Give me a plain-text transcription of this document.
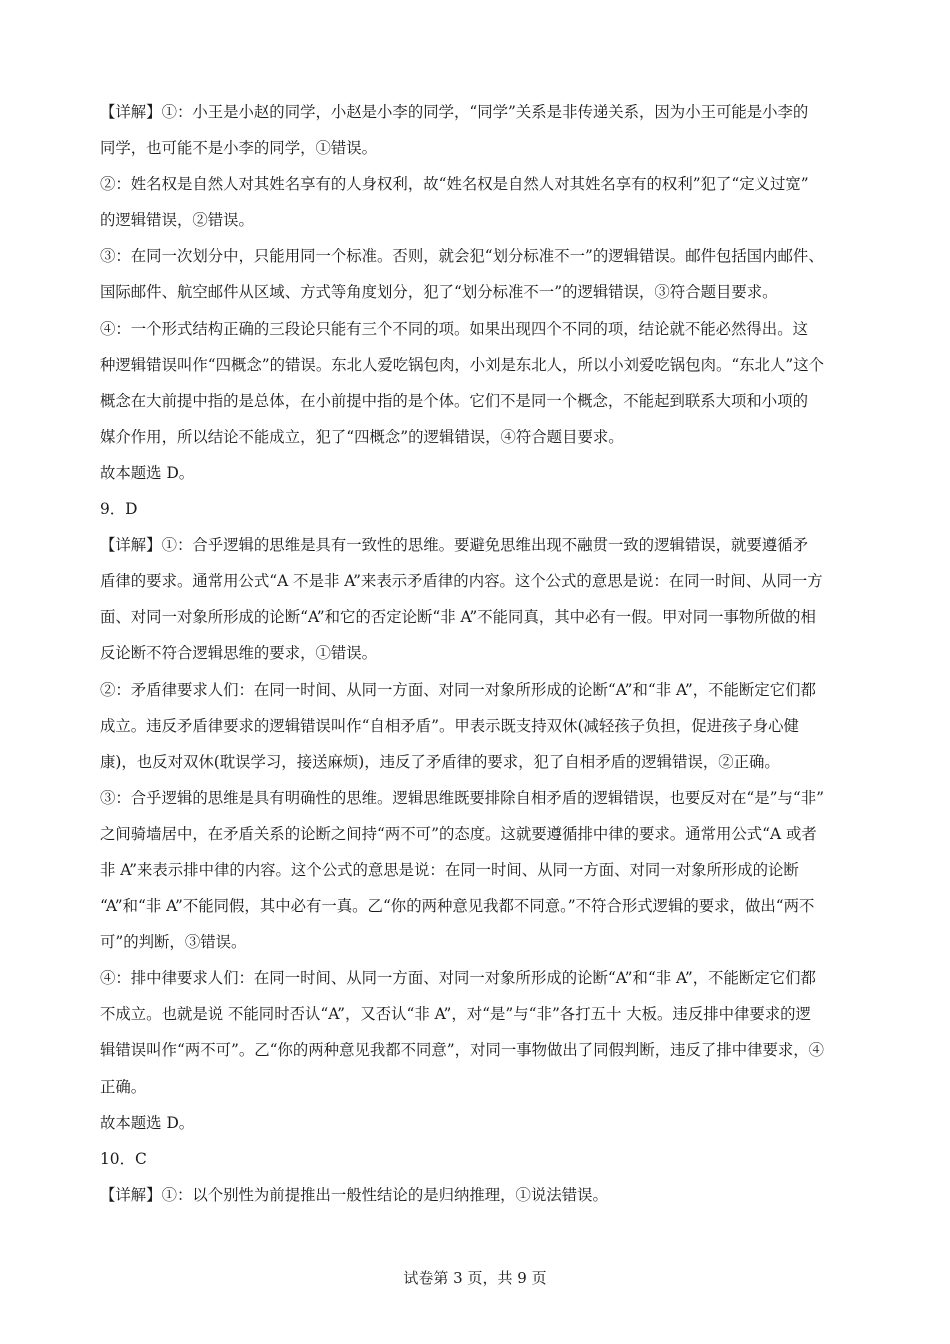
【详解】①：小王是小赵的同学，小赵是小李的同学，“同学”关系是非传递关系，因为小王可能是小李的
同学，也可能不是小李的同学，①错误。
②：姓名权是自然人对其姓名享有的人身权利，故“姓名权是自然人对其姓名享有的权利”犯了“定义过宽”
的逻辑错误，②错误。
③：在同一次划分中，只能用同一个标准。否则，就会犯“划分标准不一”的逻辑错误。邮件包括国内邮件、
国际邮件、航空邮件从区域、方式等角度划分，犯了“划分标准不一”的逻辑错误，③符合题目要求。
④：一个形式结构正确的三段论只能有三个不同的项。如果出现四个不同的项，结论就不能必然得出。这
种逻辑错误叫作“四概念”的错误。东北人爱吃锅包肉，小刘是东北人，所以小刘爱吃锅包肉。“东北人”这个
概念在大前提中指的是总体，在小前提中指的是个体。它们不是同一个概念，不能起到联系大项和小项的
媒介作用，所以结论不能成立，犯了“四概念”的逻辑错误，④符合题目要求。
故本题选 D。
9．D
【详解】①：合乎逻辑的思维是具有一致性的思维。要避免思维出现不融贯一致的逻辑错误，就要遵循矛
盾律的要求。通常用公式“A 不是非 A”来表示矛盾律的内容。这个公式的意思是说：在同一时间、从同一方
面、对同一对象所形成的论断“A”和它的否定论断“非 A”不能同真，其中必有一假。甲对同一事物所做的相
反论断不符合逻辑思维的要求，①错误。
②：矛盾律要求人们：在同一时间、从同一方面、对同一对象所形成的论断“A”和“非 A”，不能断定它们都
成立。违反矛盾律要求的逻辑错误叫作“自相矛盾”。甲表示既支持双休(减轻孩子负担，促进孩子身心健
康)，也反对双休(耽误学习，接送麻烦)，违反了矛盾律的要求，犯了自相矛盾的逻辑错误，②正确。
③：合乎逻辑的思维是具有明确性的思维。逻辑思维既要排除自相矛盾的逻辑错误，也要反对在“是”与“非”
之间骑墙居中，在矛盾关系的论断之间持“两不可”的态度。这就要遵循排中律的要求。通常用公式“A 或者
非 A”来表示排中律的内容。这个公式的意思是说：在同一时间、从同一方面、对同一对象所形成的论断
“A”和“非 A”不能同假，其中必有一真。乙“你的两种意见我都不同意。”不符合形式逻辑的要求，做出“两不
可”的判断，③错误。
④：排中律要求人们：在同一时间、从同一方面、对同一对象所形成的论断“A”和“非 A”，不能断定它们都
不成立。也就是说 不能同时否认“A”，又否认“非 A”，对“是”与“非”各打五十 大板。违反排中律要求的逻
辑错误叫作“两不可”。乙“你的两种意见我都不同意”，对同一事物做出了同假判断，违反了排中律要求，④
正确。
故本题选 D。
10．C
【详解】①：以个别性为前提推出一般性结论的是归纳推理，①说法错误。
试卷第 3 页，共 9 页
